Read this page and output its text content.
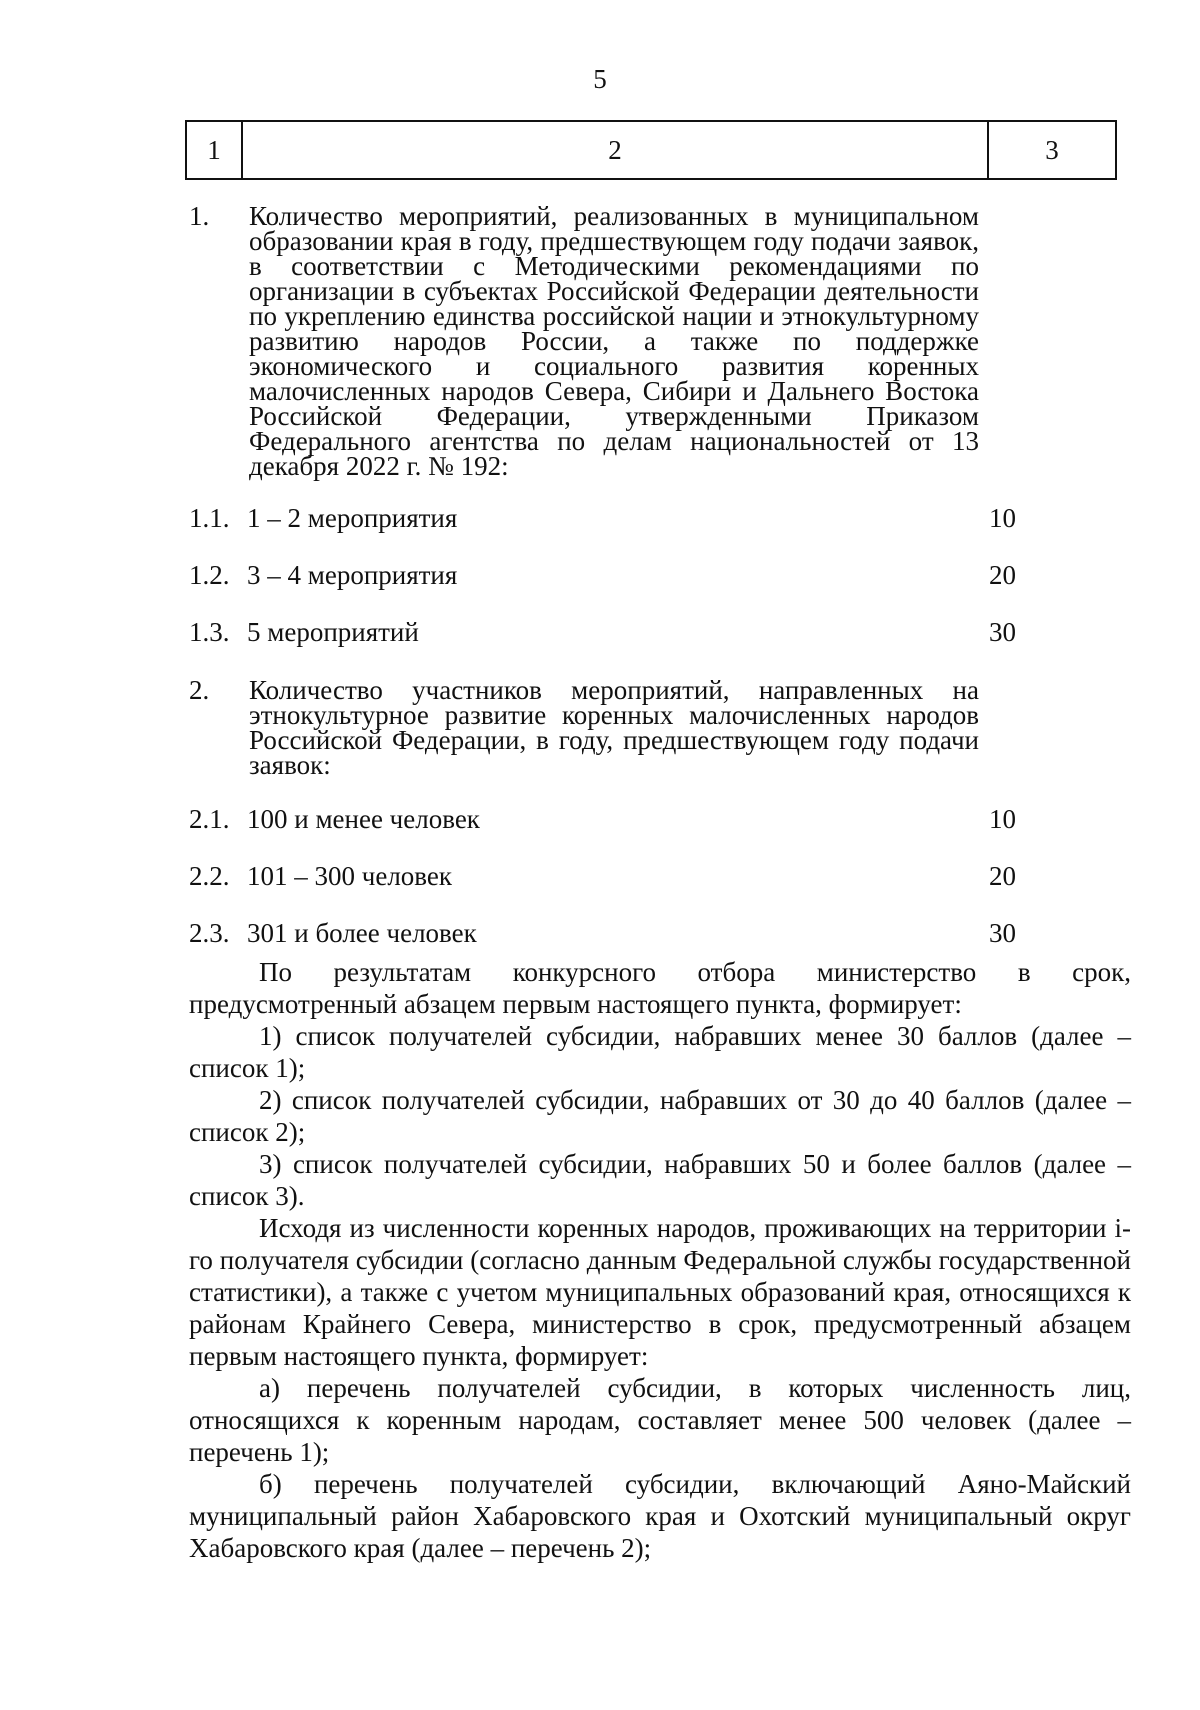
5
1	2	3
1. Количество мероприятий, реализованных в муниципальном образовании края в году, предшествующем году подачи заявок, в соответствии с Методическими рекомендациями по организации в субъектах Российской Федерации деятельности по укреплению единства российской нации и этнокультурному развитию народов России, а также по поддержке экономического и социального развития коренных малочисленных народов Севера, Сибири и Дальнего Востока Российской Федерации, утвержденными Приказом Федерального агентства по делам национальностей от 13 декабря 2022 г. № 192:
1.1. 1 – 2 мероприятия	10
1.2. 3 – 4 мероприятия	20
1.3. 5 мероприятий	30
2. Количество участников мероприятий, направленных на этнокультурное развитие коренных малочисленных народов Российской Федерации, в году, предшествующем году подачи заявок:
2.1. 100 и менее человек	10
2.2. 101 – 300 человек	20
2.3. 301 и более человек	30

По результатам конкурсного отбора министерство в срок, предусмотренный абзацем первым настоящего пункта, формирует:

1) список получателей субсидии, набравших менее 30 баллов (далее – список 1);

2) список получателей субсидии, набравших от 30 до 40 баллов (далее – список 2);

3) список получателей субсидии, набравших 50 и более баллов (далее – список 3).

Исходя из численности коренных народов, проживающих на территории i-го получателя субсидии (согласно данным Федеральной службы государственной статистики), а также с учетом муниципальных образований края, относящихся к районам Крайнего Севера, министерство в срок, предусмотренный абзацем первым настоящего пункта, формирует:

а) перечень получателей субсидии, в которых численность лиц, относящихся к коренным народам, составляет менее 500 человек (далее – перечень 1);

б) перечень получателей субсидии, включающий Аяно-Майский муниципальный район Хабаровского края и Охотский муниципальный округ Хабаровского края (далее – перечень 2);
